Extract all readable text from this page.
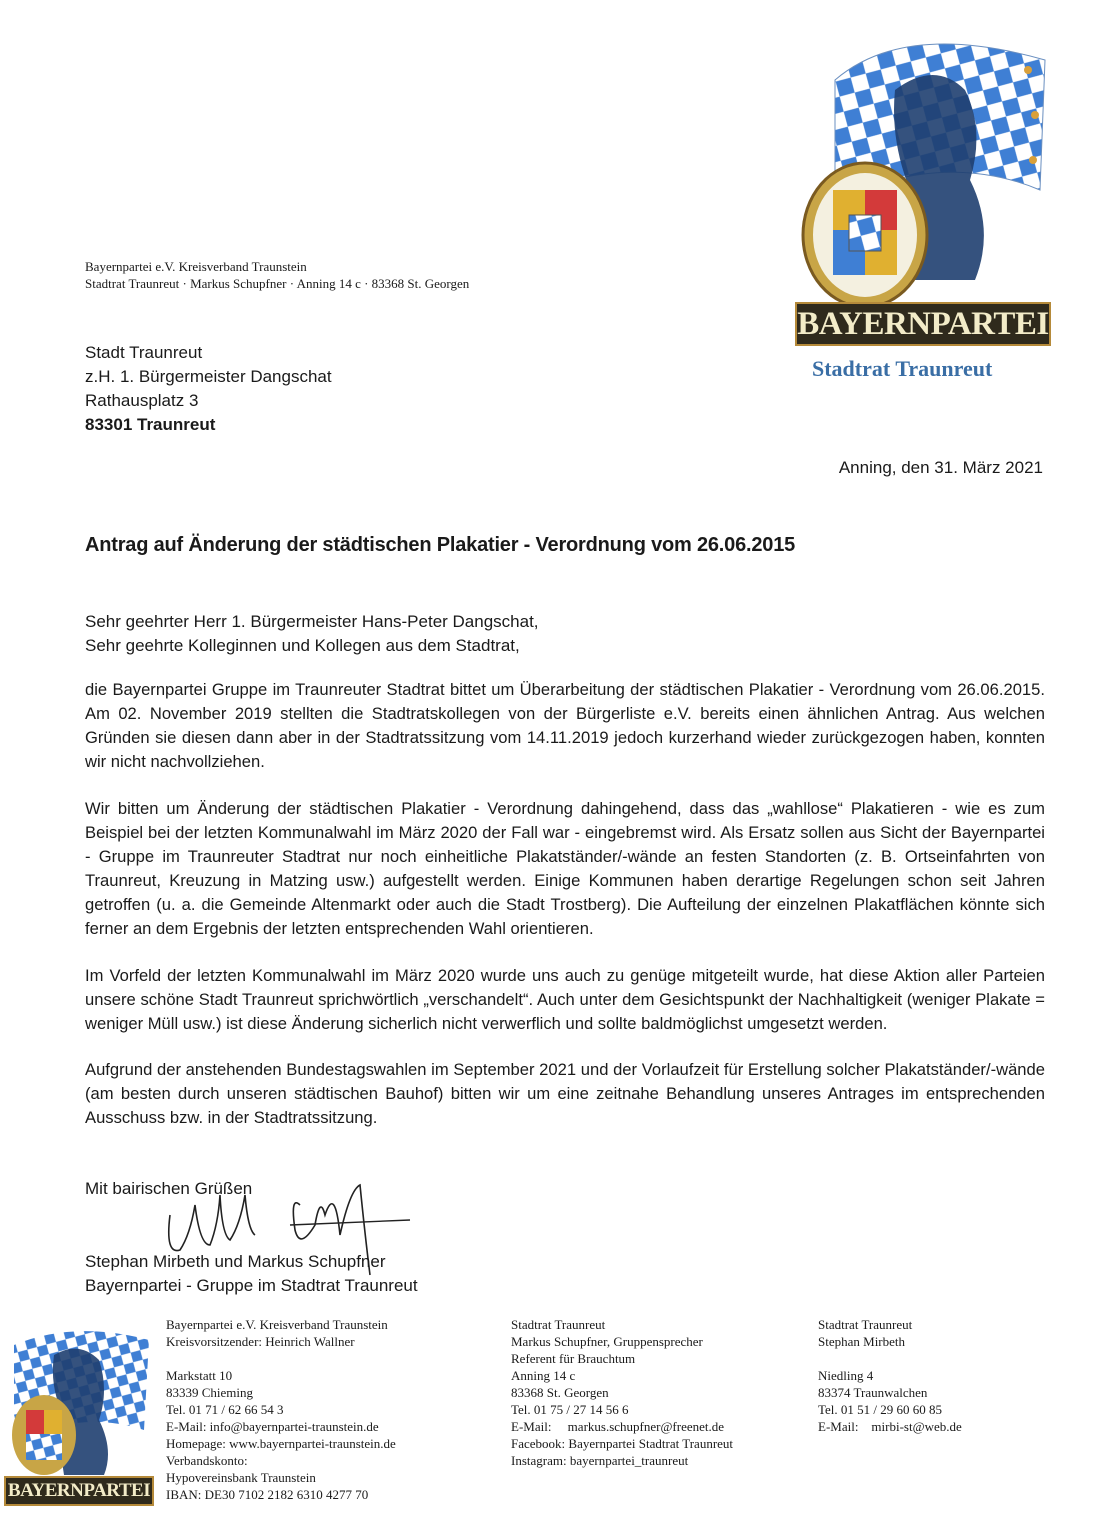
BAYERNPARTEI
Stadtrat Traunreut
Bayernpartei e.V. Kreisverband Traunstein
Stadtrat Traunreut · Markus Schupfner · Anning 14 c · 83368 St. Georgen
Stadt Traunreut
z.H. 1. Bürgermeister Dangschat
Rathausplatz 3
83301 Traunreut
Anning, den 31. März 2021
Antrag auf Änderung der städtischen Plakatier - Verordnung vom 26.06.2015
Sehr geehrter Herr 1. Bürgermeister Hans-Peter Dangschat,
Sehr geehrte Kolleginnen und Kollegen aus dem Stadtrat,
die Bayernpartei Gruppe im Traunreuter Stadtrat bittet um Überarbeitung der städtischen Plakatier - Verordnung vom 26.06.2015. Am 02. November 2019 stellten die Stadtratskollegen von der Bürgerliste e.V. bereits einen ähnlichen Antrag. Aus welchen Gründen sie diesen dann aber in der Stadtratssitzung vom 14.11.2019 jedoch kurzerhand wieder zurückgezogen haben, konnten wir nicht nachvollziehen.
Wir bitten um Änderung der städtischen Plakatier - Verordnung dahingehend, dass das „wahllose“ Plakatieren - wie es zum Beispiel bei der letzten Kommunalwahl im März 2020 der Fall war - eingebremst wird. Als Ersatz sollen aus Sicht der Bayernpartei - Gruppe im Traunreuter Stadtrat nur noch einheitliche Plakatständer/-wände an festen Standorten (z. B. Ortseinfahrten von Traunreut, Kreuzung in Matzing usw.) aufgestellt werden. Einige Kommunen haben derartige Regelungen schon seit Jahren getroffen (u. a. die Gemeinde Altenmarkt oder auch die Stadt Trostberg). Die Aufteilung der einzelnen Plakatflächen könnte sich ferner an dem Ergebnis der letzten entsprechenden Wahl orientieren.
Im Vorfeld der letzten Kommunalwahl im März 2020 wurde uns auch zu genüge mitgeteilt wurde, hat diese Aktion aller Parteien unsere schöne Stadt Traunreut sprichwörtlich „verschandelt“. Auch unter dem Gesichtspunkt der Nachhaltigkeit (weniger Plakate = weniger Müll usw.) ist diese Änderung sicherlich nicht verwerflich und sollte baldmöglichst umgesetzt werden.
Aufgrund der anstehenden Bundestagswahlen im September 2021 und der Vorlaufzeit für Erstellung solcher Plakatständer/-wände (am besten durch unseren städtischen Bauhof) bitten wir um eine zeitnahe Behandlung unseres Antrages im entsprechenden Ausschuss bzw. in der Stadtratssitzung.
Mit bairischen Grüßen
Stephan Mirbeth und Markus Schupfner
Bayernpartei - Gruppe im Stadtrat Traunreut
BAYERNPARTEI
Bayernpartei e.V. Kreisverband Traunstein
Kreisvorsitzender: Heinrich Wallner
Markstatt 10
83339 Chieming
Tel. 01 71 / 62 66 54 3
E-Mail: info@bayernpartei-traunstein.de
Homepage: www.bayernpartei-traunstein.de
Verbandskonto:
Hypovereinsbank Traunstein
IBAN: DE30 7102 2182 6310 4277 70
Stadtrat Traunreut
Markus Schupfner, Gruppensprecher
Referent für Brauchtum
Anning 14 c
83368 St. Georgen
Tel. 01 75 / 27 14 56 6
E-Mail:     markus.schupfner@freenet.de
Facebook: Bayernpartei Stadtrat Traunreut
Instagram: bayernpartei_traunreut
Stadtrat Traunreut
Stephan Mirbeth
Niedling 4
83374 Traunwalchen
Tel. 01 51 / 29 60 60 85
E-Mail:    mirbi-st@web.de
